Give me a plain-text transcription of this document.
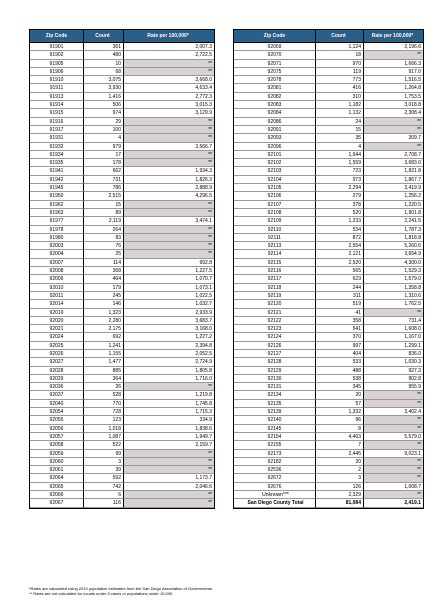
Zip Code	Count	Rate per 100,000*
91901	361	2,007.3
91902	480	2,722.5
91905	10	**
91906	68	**
91910	3,075	3,668.0
91911	3,930	4,633.4
91913	1,416	2,772.3
91914	506	3,015.3
91915	974	3,129.9
91916	29	**
91917	100	**
91931	4	**
91932	979	3,566.7
91934	17	**
91935	178	**
91941	662	1,934.3
91942	731	1,826.3
91945	786	2,888.9
91950	2,515	4,296.5
91962	15	**
91963	89	**
91977	2,119	3,474.1
91978	264	**
91980	83	**
92003	76	**
92004	25	**
92007	114	992.8
92008	368	1,227.5
92009	464	1,070.7
92010	179	1,073.1
92011	245	1,022.5
92014	146	1,032.7
92019	1,323	2,933.9
92020	2,280	3,683.7
92021	2,175	3,168.0
92024	692	1,227.2
92025	1,241	2,394.8
92026	1,155	2,052.5
92027	1,477	2,724.9
92028	885	1,805.8
92029	364	1,716.0
92036	26	**
92037	528	1,219.8
92040	770	1,745.8
92054	728	1,715.3
92055	123	334.9
92056	1,018	1,838.6
92057	1,087	1,949.7
92058	522	2,159.7
92059	99	**
92060	3	**
92061	39	**
92064	592	1,173.7
92065	742	2,046.6
92066	6	**
92067	116	**
Zip Code	Count	Rate per 100,000*
92069	1,124	2,196.6
92070	18	**
92071	970	1,666.3
92075	119	917.0
92078	773	1,516.5
92081	416	1,264.8
92082	310	1,753.5
92083	1,182	3,018.8
92084	1,132	2,308.4
92086	24	**
92091	15	**
92093	35	309.7
92096	4	**
92101	1,644	2,708.7
92102	1,559	3,683.0
92103	723	1,821.8
92104	973	1,867.7
92105	2,294	3,419.9
92106	279	1,256.2
92107	378	1,220.5
92108	520	1,901.8
92109	1,233	2,241.5
92110	534	1,787.3
92111	872	1,818.8
92113	2,554	5,260.6
92114	2,121	3,654.9
92115	2,520	4,300.0
92116	565	1,529.3
92117	623	1,579.0
92118	244	1,358.8
92119	311	1,310.6
92120	519	1,762.5
92121	41	**
92122	358	731.4
92123	541	1,608.0
92124	370	1,167.0
92126	997	1,299.1
92127	404	836.0
92128	533	1,030.3
92129	488	927.3
92130	538	902.8
92131	345	955.9
92134	20	**
92135	57	**
92139	1,332	3,402.4
92140	96	**
92145	8	**
92154	4,463	5,579.0
92155	7	**
92173	2,445	9,023.1
92182	20	**
92536	2	**
92672	3	**
92676	126	1,008.7
Unknown***	2,329	**
San Diego County Total	81,084	2,419.1
*Rates are calculated using 2019 population estimates from the San Diego Association of Governments.
** Rates are not calculated for counts under 5 cases or populations under 10,000.
